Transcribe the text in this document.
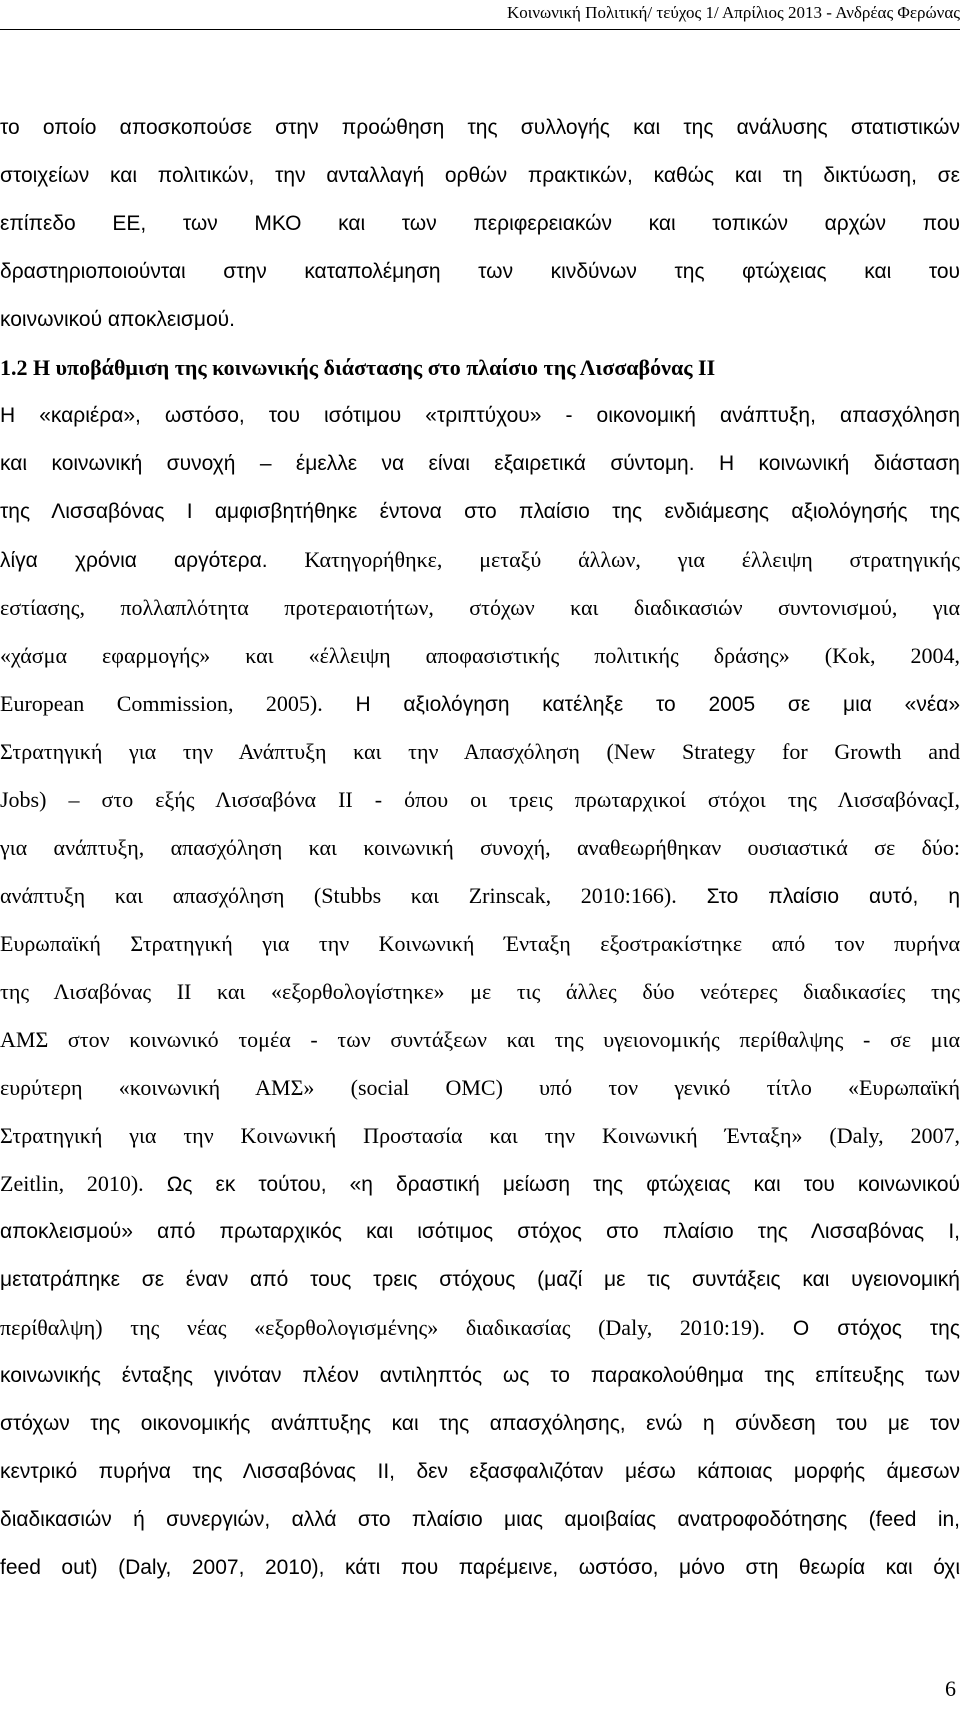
Κοινωνική Πολιτική/ τεύχος 1/ Απρίλιος 2013 - Ανδρέας Φερώνας
το οποίο αποσκοπούσε στην προώθηση της συλλογής και της ανάλυσης στατιστικών
στοιχείων και πολιτικών, την ανταλλαγή ορθών πρακτικών, καθώς και τη δικτύωση, σε
επίπεδο ΕΕ, των ΜΚΟ και των περιφερειακών και τοπικών αρχών που
δραστηριοποιούνται στην καταπολέμηση των κινδύνων της φτώχειας και του
κοινωνικού αποκλεισμού.
1.2 Η υποβάθμιση της κοινωνικής διάστασης στο πλαίσιο της Λισσαβόνας ΙΙ
Η «καριέρα», ωστόσο, του ισότιμου «τριπτύχου» - οικονομική ανάπτυξη, απασχόληση
και κοινωνική συνοχή – έμελλε να είναι εξαιρετικά σύντομη. Η κοινωνική διάσταση
της Λισσαβόνας Ι αμφισβητήθηκε έντονα στο πλαίσιο της ενδιάμεσης αξιολόγησής της
λίγα χρόνια αργότερα. Κατηγορήθηκε, μεταξύ άλλων, για έλλειψη στρατηγικής
εστίασης, πολλαπλότητα προτεραιοτήτων, στόχων και διαδικασιών συντονισμού, για
«χάσμα εφαρμογής» και «έλλειψη αποφασιστικής πολιτικής δράσης» (Kok, 2004,
European Commission, 2005). Η αξιολόγηση κατέληξε το 2005 σε μια «νέα»
Στρατηγική για την Ανάπτυξη και την Απασχόληση (New Strategy for Growth and
Jobs) – στο εξής Λισσαβόνα ΙΙ - όπου οι τρεις πρωταρχικοί στόχοι της ΛισσαβόναςΙ,
για ανάπτυξη, απασχόληση και κοινωνική συνοχή, αναθεωρήθηκαν ουσιαστικά σε δύο:
ανάπτυξη και απασχόληση (Stubbs και Zrinscak, 2010:166). Στο πλαίσιο αυτό, η
Ευρωπαϊκή Στρατηγική για την Κοινωνική Ένταξη εξοστρακίστηκε από τον πυρήνα
της Λισαβόνας ΙΙ και «εξορθολογίστηκε» με τις άλλες δύο νεότερες διαδικασίες της
ΑΜΣ στον κοινωνικό τομέα - των συντάξεων και της υγειονομικής περίθαλψης - σε μια
ευρύτερη «κοινωνική ΑΜΣ» (social OMC) υπό τον γενικό τίτλο «Ευρωπαϊκή
Στρατηγική για την Κοινωνική Προστασία και την Κοινωνική Ένταξη» (Daly, 2007,
Zeitlin, 2010). Ως εκ τούτου, «η δραστική μείωση της φτώχειας και του κοινωνικού
αποκλεισμού» από πρωταρχικός και ισότιμος στόχος στο πλαίσιο της Λισσαβόνας Ι,
μετατράπηκε σε έναν από τους τρεις στόχους (μαζί με τις συντάξεις και υγειονομική
περίθαλψη) της νέας «εξορθολογισμένης» διαδικασίας (Daly, 2010:19). Ο στόχος της
κοινωνικής ένταξης γινόταν πλέον αντιληπτός ως το παρακολούθημα της επίτευξης των
στόχων της οικονομικής ανάπτυξης και της απασχόλησης, ενώ η σύνδεση του με τον
κεντρικό πυρήνα της Λισσαβόνας ΙΙ, δεν εξασφαλιζόταν μέσω κάποιας μορφής άμεσων
διαδικασιών ή συνεργιών, αλλά στο πλαίσιο μιας αμοιβαίας ανατροφοδότησης (feed in,
feed out) (Daly, 2007, 2010), κάτι που παρέμεινε, ωστόσο, μόνο στη θεωρία και όχι
6
